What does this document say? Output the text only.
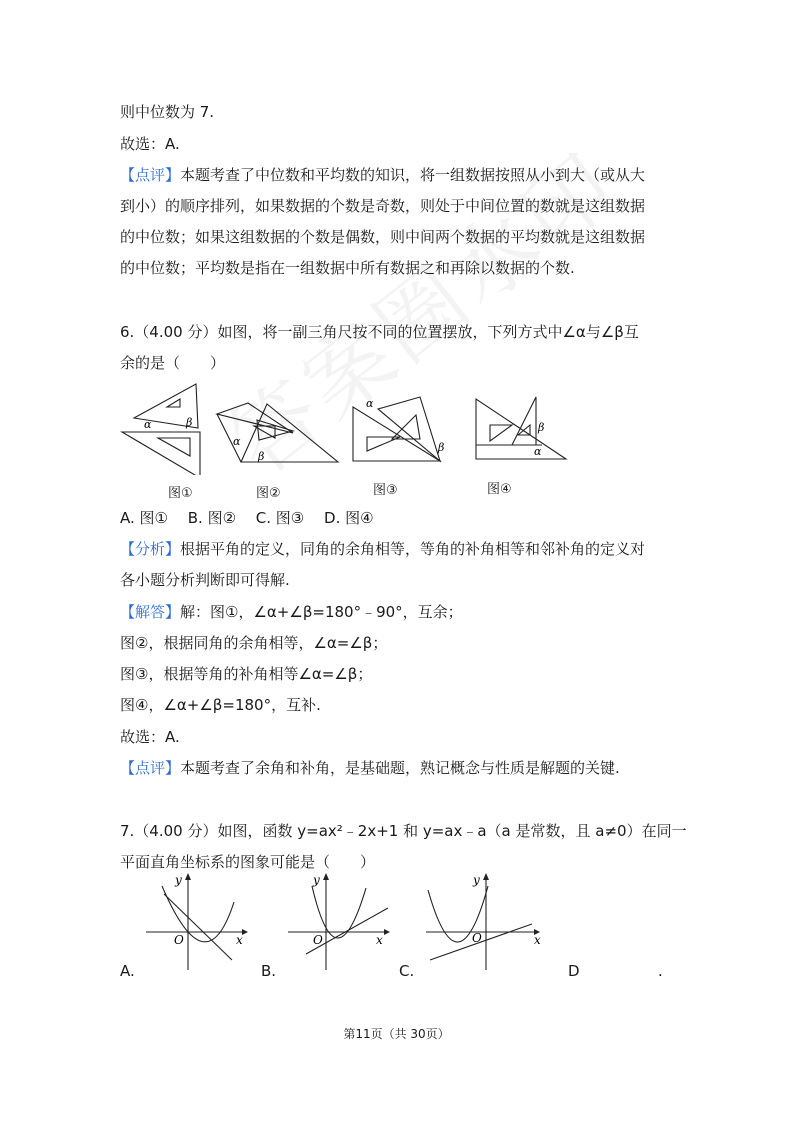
则中位数为 7.
故选：A.
【点评】本题考查了中位数和平均数的知识，将一组数据按照从小到大（或从大
到小）的顺序排列，如果数据的个数是奇数，则处于中间位置的数就是这组数据
的中位数；如果这组数据的个数是偶数，则中间两个数据的平均数就是这组数据
的中位数；平均数是指在一组数据中所有数据之和再除以数据的个数.
6.（4.00 分）如图，将一副三角尺按不同的位置摆放，下列方式中∠α与∠β互
余的是（　　）
α	β
α
β
α
β
β
α
图①	图②	图③	图④
A. 图①　 B. 图②　 C. 图③　 D. 图④
【分析】根据平角的定义，同角的余角相等，等角的补角相等和邻补角的定义对
各小题分析判断即可得解.
【解答】解：图①，∠α+∠β=180°﹣90°，互余；
图②，根据同角的余角相等，∠α=∠β；
图③，根据等角的补角相等∠α=∠β；
图④，∠α+∠β=180°，互补.
故选：A.
【点评】本题考查了余角和补角，是基础题，熟记概念与性质是解题的关键.
7.（4.00 分）如图，函数 y=ax²﹣2x+1 和 y=ax﹣a（a 是常数，且 a≠0）在同一
平面直角坐标系的图象可能是（　　）
x
y
O	x
y
O	x
y
O
A.	B.	C.	D	.
第11页（共 30页）
